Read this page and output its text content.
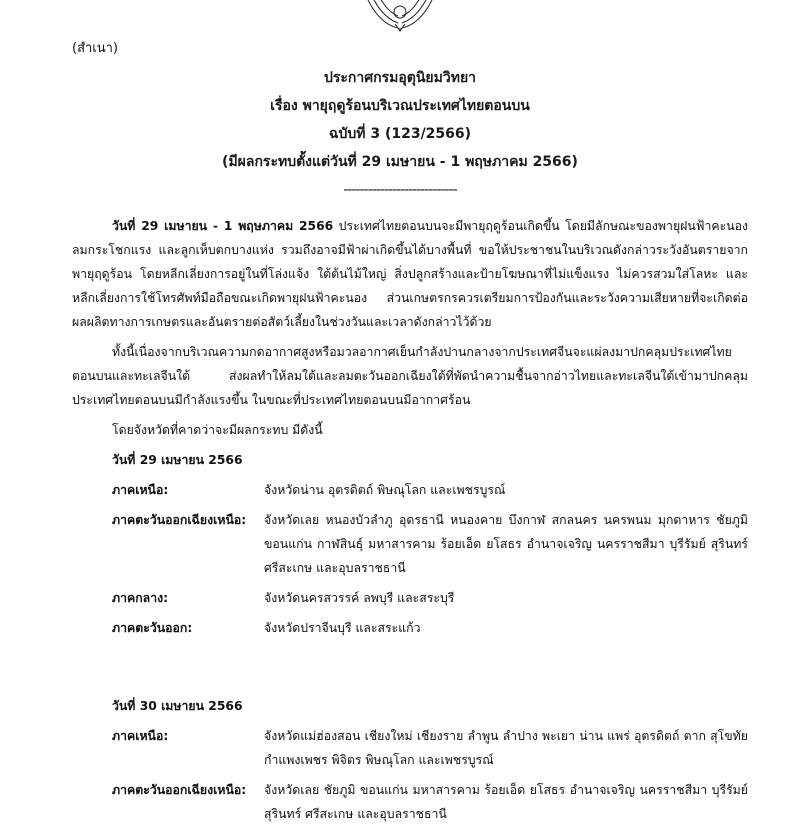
(สำเนา)
ประกาศกรมอุตุนิยมวิทยา
เรื่อง พายุฤดูร้อนบริเวณประเทศไทยตอนบน
ฉบับที่ 3 (123/2566)
(มีผลกระทบตั้งแต่วันที่ 29 เมษายน - 1 พฤษภาคม 2566)
----------------------------

วันที่ 29 เมษายน - 1 พฤษภาคม 2566 ประเทศไทยตอนบนจะมีพายุฤดูร้อนเกิดขึ้น โดยมีลักษณะของพายุฝนฟ้าคะนอง ลมกระโชกแรง และลูกเห็บตกบางแห่ง รวมถึงอาจมีฟ้าผ่าเกิดขึ้นได้บางพื้นที่ ขอให้ประชาชนในบริเวณดังกล่าวระวังอันตรายจากพายุฤดูร้อน โดยหลีกเลี่ยงการอยู่ในที่โล่งแจ้ง ใต้ต้นไม้ใหญ่ สิ่งปลูกสร้างและป้ายโฆษณาที่ไม่แข็งแรง ไม่ควรสวมใส่โลหะ และหลีกเลี่ยงการใช้โทรศัพท์มือถือขณะเกิดพายุฝนฟ้าคะนอง ส่วนเกษตรกรควรเตรียมการป้องกันและระวังความเสียหายที่จะเกิดต่อผลผลิตทางการเกษตรและอันตรายต่อสัตว์เลี้ยงในช่วงวันและเวลาดังกล่าวไว้ด้วย

ทั้งนี้เนื่องจากบริเวณความกดอากาศสูงหรือมวลอากาศเย็นกำลังปานกลางจากประเทศจีนจะแผ่ลงมาปกคลุมประเทศไทยตอนบนและทะเลจีนใต้ ส่งผลทำให้ลมใต้และลมตะวันออกเฉียงใต้ที่พัดนำความชื้นจากอ่าวไทยและทะเลจีนใต้เข้ามาปกคลุมประเทศไทยตอนบนมีกำลังแรงขึ้น ในขณะที่ประเทศไทยตอนบนมีอากาศร้อน

โดยจังหวัดที่คาดว่าจะมีผลกระทบ มีดังนี้
วันที่ 29 เมษายน 2566
ภาคเหนือ:	จังหวัดน่าน อุตรดิตถ์ พิษณุโลก และเพชรบูรณ์
ภาคตะวันออกเฉียงเหนือ:	จังหวัดเลย หนองบัวลำภู อุดรธานี หนองคาย บึงกาฬ สกลนคร นครพนม มุกดาหาร ชัยภูมิ ขอนแก่น กาฬสินธุ์ มหาสารคาม ร้อยเอ็ด ยโสธร อำนาจเจริญ นครราชสีมา บุรีรัมย์ สุรินทร์ ศรีสะเกษ และอุบลราชธานี
ภาคกลาง:	จังหวัดนครสวรรค์ ลพบุรี และสระบุรี
ภาคตะวันออก:	จังหวัดปราจีนบุรี และสระแก้ว
วันที่ 30 เมษายน 2566
ภาคเหนือ:	จังหวัดแม่ฮ่องสอน เชียงใหม่ เชียงราย ลำพูน ลำปาง พะเยา น่าน แพร่ อุตรดิตถ์ ตาก สุโขทัย กำแพงเพชร พิจิตร พิษณุโลก และเพชรบูรณ์
ภาคตะวันออกเฉียงเหนือ:	จังหวัดเลย ชัยภูมิ ขอนแก่น มหาสารคาม ร้อยเอ็ด ยโสธร อำนาจเจริญ นครราชสีมา บุรีรัมย์ สุรินทร์ ศรีสะเกษ และอุบลราชธานี
